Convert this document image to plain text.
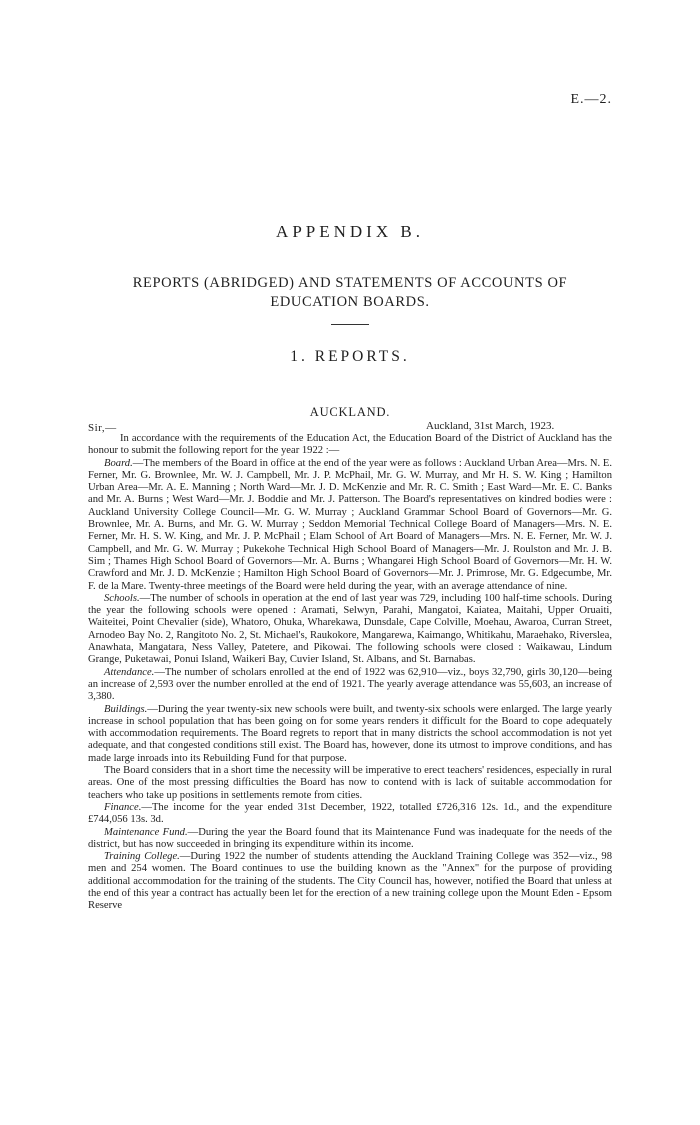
E.—2.
APPENDIX B.
REPORTS (ABRIDGED) AND STATEMENTS OF ACCOUNTS OF EDUCATION BOARDS.
1. REPORTS.
AUCKLAND.
Sir,—	Auckland, 31st March, 1923.

In accordance with the requirements of the Education Act, the Education Board of the District of Auckland has the honour to submit the following report for the year 1922 :—

Board.—The members of the Board in office at the end of the year were as follows : Auckland Urban Area—Mrs. N. E. Ferner, Mr. G. Brownlee, Mr. W. J. Campbell, Mr. J. P. McPhail, Mr. G. W. Murray, and Mr H. S. W. King ; Hamilton Urban Area—Mr. A. E. Manning ; North Ward—Mr. J. D. McKenzie and Mr. R. C. Smith ; East Ward—Mr. E. C. Banks and Mr. A. Burns ; West Ward—Mr. J. Boddie and Mr. J. Patterson. The Board's representatives on kindred bodies were : Auckland University College Council—Mr. G. W. Murray ; Auckland Grammar School Board of Governors—Mr. G. Brownlee, Mr. A. Burns, and Mr. G. W. Murray ; Seddon Memorial Technical College Board of Managers—Mrs. N. E. Ferner, Mr. H. S. W. King, and Mr. J. P. McPhail ; Elam School of Art Board of Managers—Mrs. N. E. Ferner, Mr. W. J. Campbell, and Mr. G. W. Murray ; Pukekohe Technical High School Board of Managers—Mr. J. Roulston and Mr. J. B. Sim ; Thames High School Board of Governors—Mr. A. Burns ; Whangarei High School Board of Governors—Mr. H. W. Crawford and Mr. J. D. McKenzie ; Hamilton High School Board of Governors—Mr. J. Primrose, Mr. G. Edgecumbe, Mr. F. de la Mare. Twenty-three meetings of the Board were held during the year, with an average attendance of nine.

Schools.—The number of schools in operation at the end of last year was 729, including 100 half-time schools. During the year the following schools were opened : Aramati, Selwyn, Parahi, Mangatoi, Kaiatea, Maitahi, Upper Oruaiti, Waiteitei, Point Chevalier (side), Whatoro, Ohuka, Wharekawa, Dunsdale, Cape Colville, Moehau, Awaroa, Curran Street, Arnodeo Bay No. 2, Rangitoto No. 2, St. Michael's, Raukokore, Mangarewa, Kaimango, Whitikahu, Maraehako, Riverslea, Anawhata, Mangatara, Ness Valley, Patetere, and Pikowai. The following schools were closed : Waikawau, Lindum Grange, Puketawai, Ponui Island, Waikeri Bay, Cuvier Island, St. Albans, and St. Barnabas.

Attendance.—The number of scholars enrolled at the end of 1922 was 62,910—viz., boys 32,790, girls 30,120—being an increase of 2,593 over the number enrolled at the end of 1921. The yearly average attendance was 55,603, an increase of 3,380.

Buildings.—During the year twenty-six new schools were built, and twenty-six schools were enlarged. The large yearly increase in school population that has been going on for some years renders it difficult for the Board to cope adequately with accommodation requirements. The Board regrets to report that in many districts the school accommodation is not yet adequate, and that congested conditions still exist. The Board has, however, done its utmost to improve conditions, and has made large inroads into its Rebuilding Fund for that purpose.

The Board considers that in a short time the necessity will be imperative to erect teachers' residences, especially in rural areas. One of the most pressing difficulties the Board has now to contend with is lack of suitable accommodation for teachers who take up positions in settlements remote from cities.

Finance.—The income for the year ended 31st December, 1922, totalled £726,316 12s. 1d., and the expenditure £744,056 13s. 3d.

Maintenance Fund.—During the year the Board found that its Maintenance Fund was inadequate for the needs of the district, but has now succeeded in bringing its expenditure within its income.

Training College.—During 1922 the number of students attending the Auckland Training College was 352—viz., 98 men and 254 women. The Board continues to use the building known as the "Annex" for the purpose of providing additional accommodation for the training of the students. The City Council has, however, notified the Board that unless at the end of this year a contract has actually been let for the erection of a new training college upon the Mount Eden - Epsom Reserve
